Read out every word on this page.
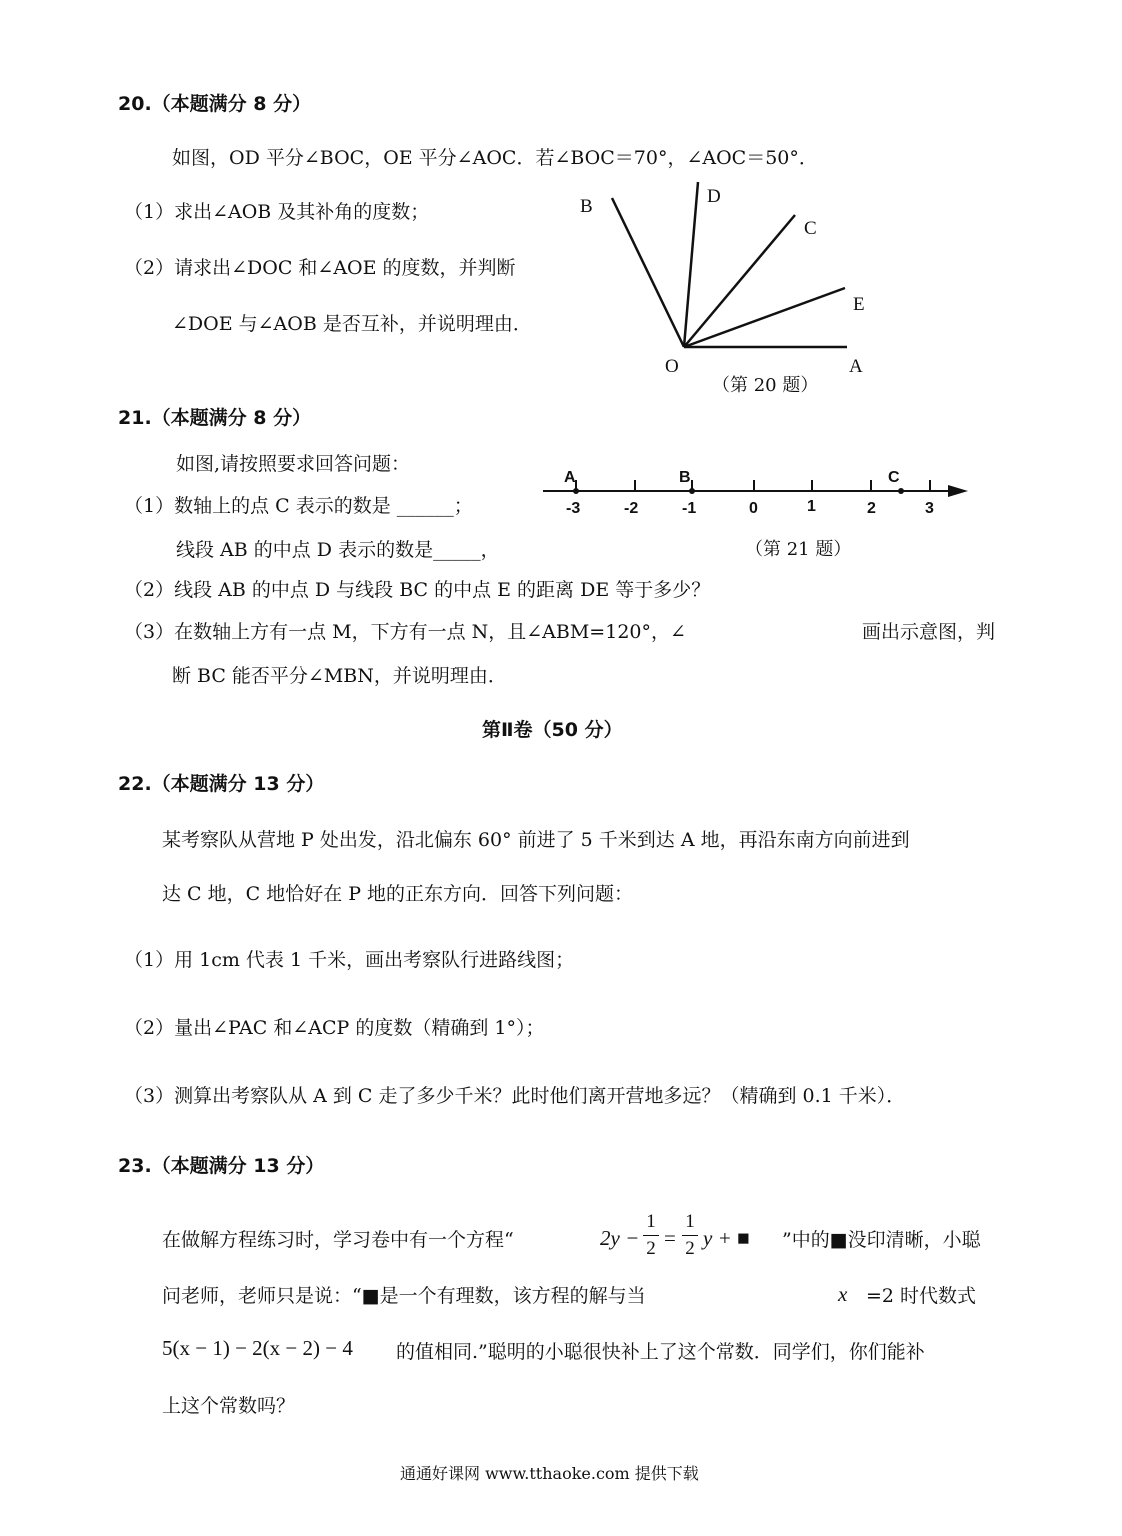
20.（本题满分 8 分）
如图，OD 平分∠BOC，OE 平分∠AOC．若∠BOC＝70°，∠AOC＝50°．
（1）求出∠AOB 及其补角的度数；
（2）请求出∠DOC 和∠AOE 的度数，并判断
∠DOE 与∠AOB 是否互补，并说明理由．
B	D
C
E
O	A
（第 20 题）
21.（本题满分 8 分）
如图,请按照要求回答问题：
（1）数轴上的点 C 表示的数是 ______；
线段 AB 的中点 D 表示的数是_____，
A	B	C
-3	-2	-1	0	1	2	3
（第 21 题）
（2）线段 AB 的中点 D 与线段 BC 的中点 E 的距离 DE 等于多少？
（3）在数轴上方有一点 M，下方有一点 N，且∠ABM=120°，∠	画出示意图，判
断 BC 能否平分∠MBN，并说明理由．
第Ⅱ卷（50 分）
22.（本题满分 13 分）
某考察队从营地 P 处出发，沿北偏东 60° 前进了 5 千米到达 A 地，再沿东南方向前进到
达 C 地，C 地恰好在 P 地的正东方向．回答下列问题：
（1）用 1cm 代表 1 千米，画出考察队行进路线图；
（2）量出∠PAC 和∠ACP 的度数（精确到 1°）；
（3）测算出考察队从 A 到 C 走了多少千米？此时他们离开营地多远？（精确到 0.1 千米）．
23.（本题满分 13 分）
在做解方程练习时，学习卷中有一个方程“	2y −
1
2 =
1
2 y + ■ ”中的■没印清晰，小聪
问老师，老师只是说：“■是一个有理数，该方程的解与当	x =2 时代数式
5(x − 1) − 2(x − 2) − 4 的值相同.”聪明的小聪很快补上了这个常数．同学们，你们能补
上这个常数吗？
通通好课网 www.tthaoke.com 提供下载
